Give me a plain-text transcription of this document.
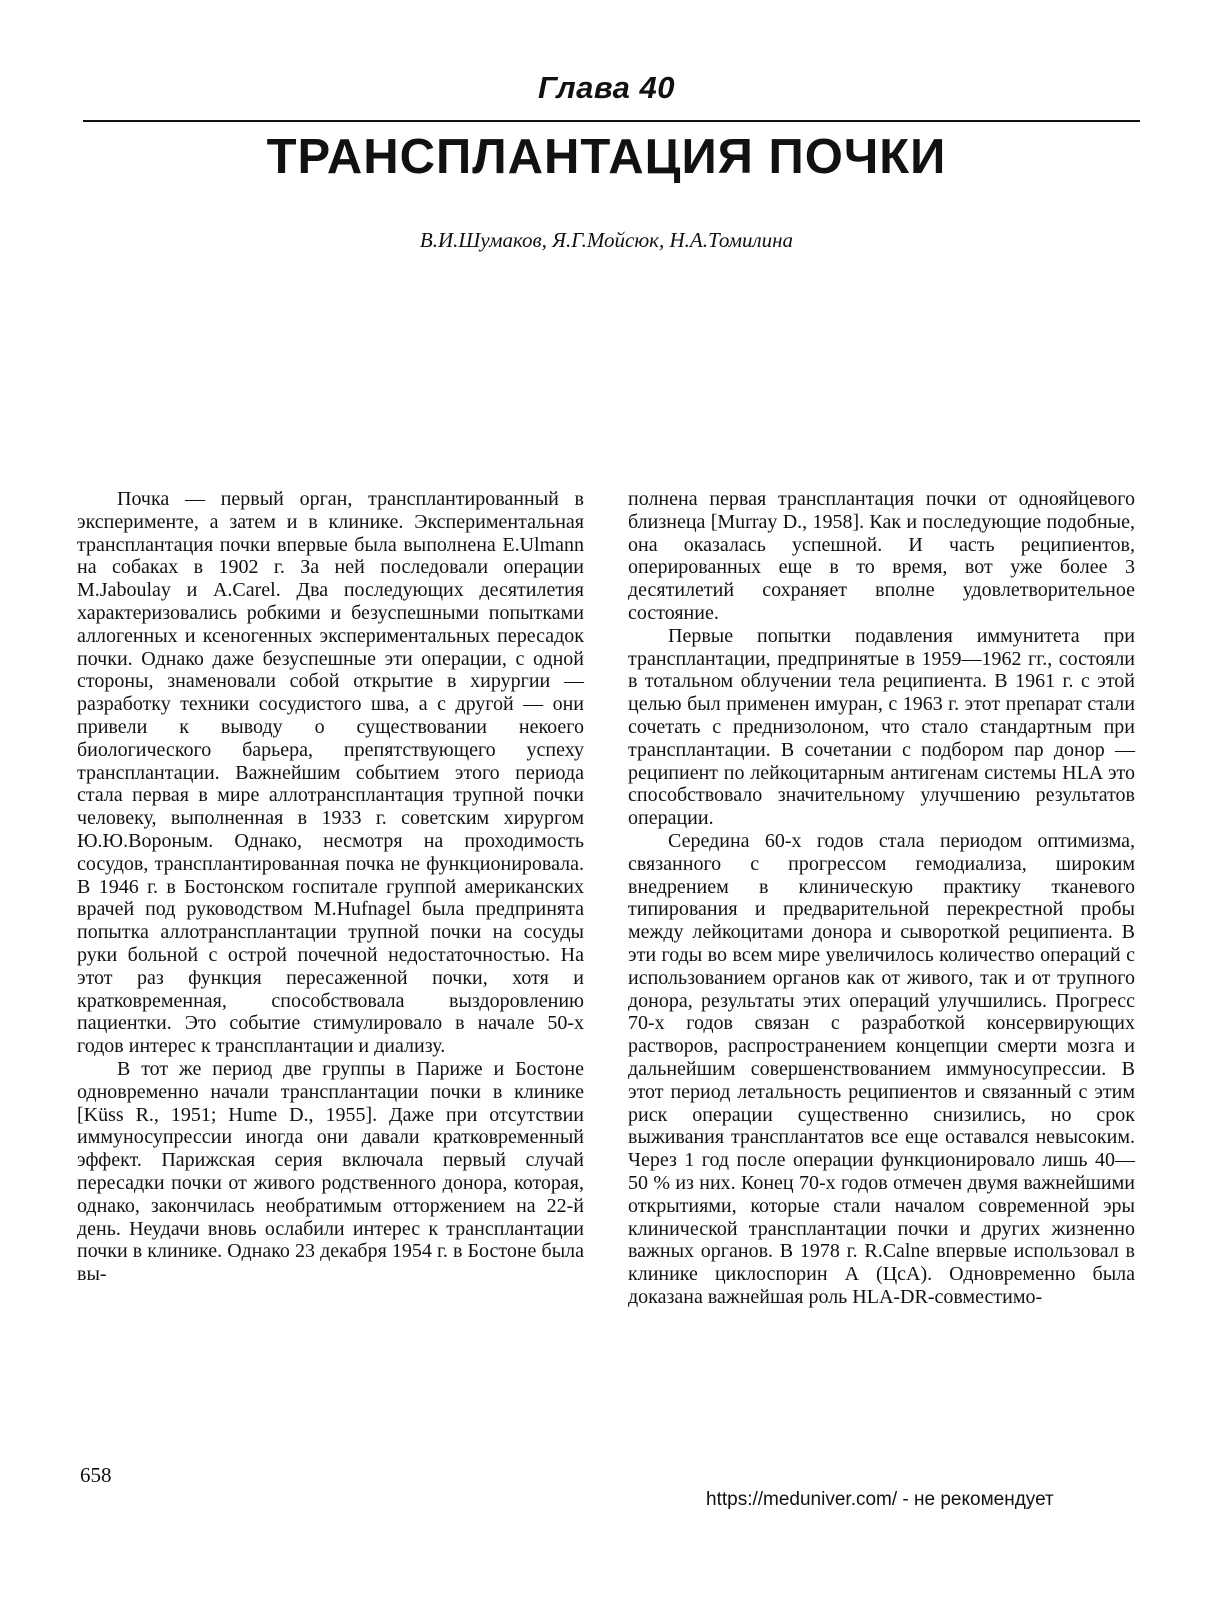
Глава 40
ТРАНСПЛАНТАЦИЯ ПОЧКИ
В.И.Шумаков, Я.Г.Мойсюк, Н.А.Томилина

Почка — первый орган, трансплантированный в эксперименте, а затем и в клинике. Экспериментальная трансплантация почки впервые была выполнена E.Ulmann на собаках в 1902 г. За ней последовали операции M.Jaboulay и A.Carel. Два последующих десятилетия характеризовались робкими и безуспешными попытками аллогенных и ксеногенных экспериментальных пересадок почки. Однако даже безуспешные эти операции, с одной стороны, знаменовали собой открытие в хирургии — разработку техники сосудистого шва, а с другой — они привели к выводу о существовании некоего биологического барьера, препятствующего успеху трансплантации. Важнейшим событием этого периода стала первая в мире аллотрансплантация трупной почки человеку, выполненная в 1933 г. советским хирургом Ю.Ю.Вороным. Однако, несмотря на проходимость сосудов, трансплантированная почка не функционировала. В 1946 г. в Бостонском госпитале группой американских врачей под руководством M.Hufnagel была предпринята попытка аллотрансплантации трупной почки на сосуды руки больной с острой почечной недостаточностью. На этот раз функция пересаженной почки, хотя и кратковременная, способствовала выздоровлению пациентки. Это событие стимулировало в начале 50-х годов интерес к трансплантации и диализу.

В тот же период две группы в Париже и Бостоне одновременно начали трансплантации почки в клинике [Küss R., 1951; Hume D., 1955]. Даже при отсутствии иммуносупрессии иногда они давали кратковременный эффект. Парижская серия включала первый случай пересадки почки от живого родственного донора, которая, однако, закончилась необратимым отторжением на 22-й день. Неудачи вновь ослабили интерес к трансплантации почки в клинике. Однако 23 декабря 1954 г. в Бостоне была вы-

полнена первая трансплантация почки от однояйцевого близнеца [Murray D., 1958]. Как и последующие подобные, она оказалась успешной. И часть реципиентов, оперированных еще в то время, вот уже более 3 десятилетий сохраняет вполне удовлетворительное состояние.

Первые попытки подавления иммунитета при трансплантации, предпринятые в 1959—1962 гг., состояли в тотальном облучении тела реципиента. В 1961 г. с этой целью был применен имуран, с 1963 г. этот препарат стали сочетать с преднизолоном, что стало стандартным при трансплантации. В сочетании с подбором пар донор — реципиент по лейкоцитарным антигенам системы HLA это способствовало значительному улучшению результатов операции.

Середина 60-х годов стала периодом оптимизма, связанного с прогрессом гемодиализа, широким внедрением в клиническую практику тканевого типирования и предварительной перекрестной пробы между лейкоцитами донора и сывороткой реципиента. В эти годы во всем мире увеличилось количество операций с использованием органов как от живого, так и от трупного донора, результаты этих операций улучшились. Прогресс 70-х годов связан с разработкой консервирующих растворов, распространением концепции смерти мозга и дальнейшим совершенствованием иммуносупрессии. В этот период летальность реципиентов и связанный с этим риск операции существенно снизились, но срок выживания трансплантатов все еще оставался невысоким. Через 1 год после операции функционировало лишь 40—50 % из них. Конец 70-х годов отмечен двумя важнейшими открытиями, которые стали началом современной эры клинической трансплантации почки и других жизненно важных органов. В 1978 г. R.Calne впервые использовал в клинике циклоспорин А (ЦсА). Одновременно была доказана важнейшая роль HLA-DR-совместимо-

658
https://meduniver.com/ - не рекомендует
